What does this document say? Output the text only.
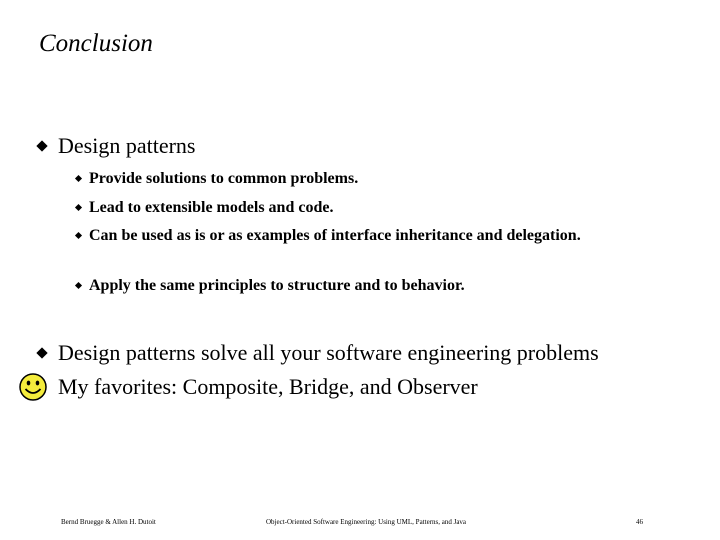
Conclusion
Design patterns
Provide solutions to common problems.
Lead to extensible models and code.
Can be used as is or as examples of interface inheritance and delegation.
Apply the same principles to structure and to behavior.
Design patterns solve all your software engineering problems
My favorites: Composite, Bridge, and Observer
Bernd Bruegge & Allen H. Dutoit	Object-Oriented Software Engineering: Using UML, Patterns, and Java	46
